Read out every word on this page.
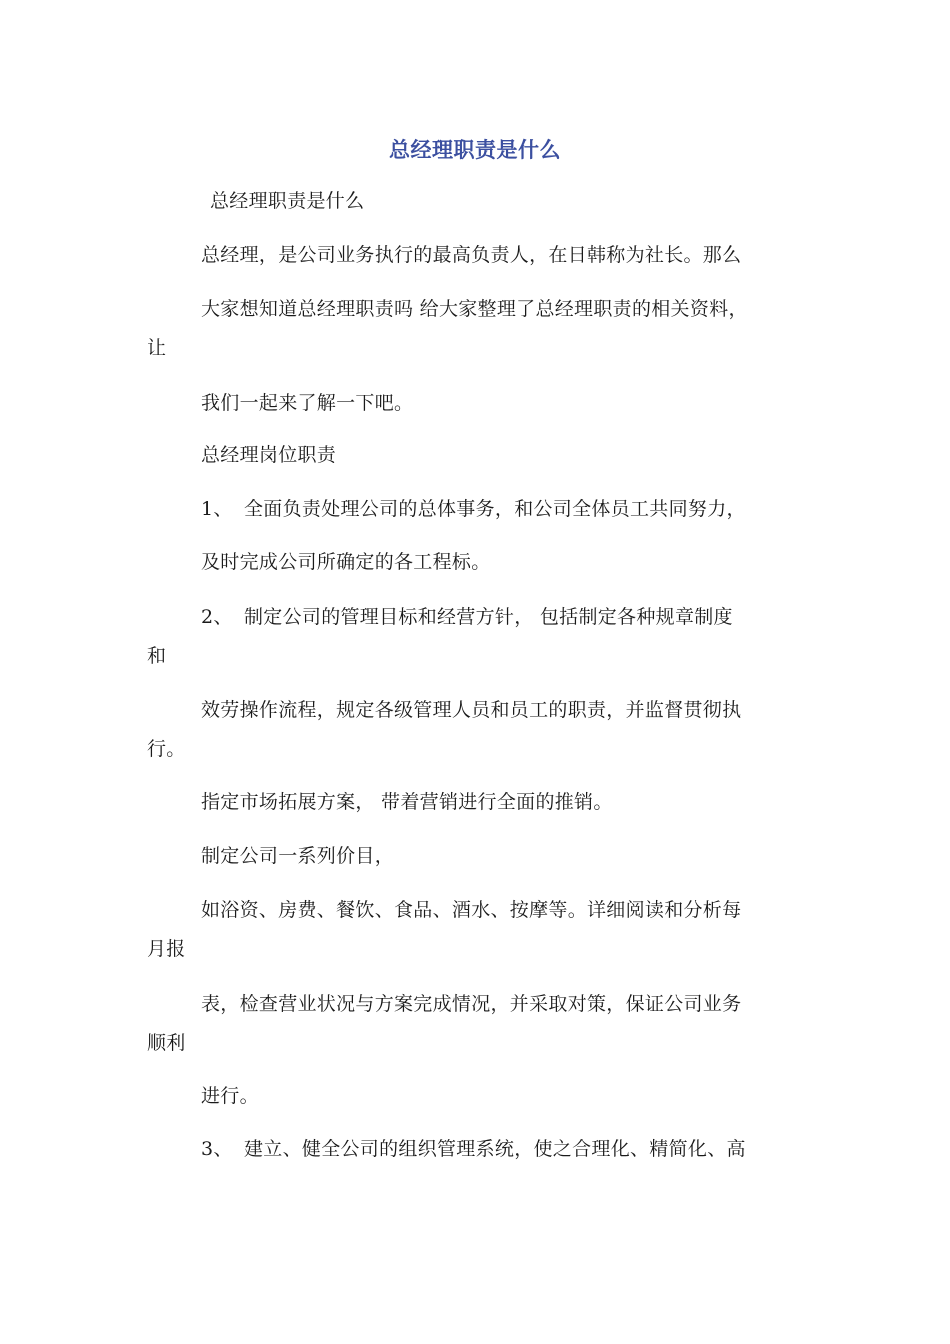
总经理职责是什么
总经理职责是什么
总经理，是公司业务执行的最高负责人，在日韩称为社长。那么
大家想知道总经理职责吗 给大家整理了总经理职责的相关资料，
让
我们一起来了解一下吧。
总经理岗位职责
1、 全面负责处理公司的总体事务，和公司全体员工共同努力，
及时完成公司所确定的各工程标。
2、 制定公司的管理目标和经营方针， 包括制定各种规章制度
和
效劳操作流程，规定各级管理人员和员工的职责，并监督贯彻执
行。
指定市场拓展方案， 带着营销进行全面的推销。
制定公司一系列价目，
如浴资、房费、餐饮、食品、酒水、按摩等。详细阅读和分析每
月报
表，检查营业状况与方案完成情况，并采取对策，保证公司业务
顺利
进行。
3、 建立、健全公司的组织管理系统，使之合理化、精简化、高
